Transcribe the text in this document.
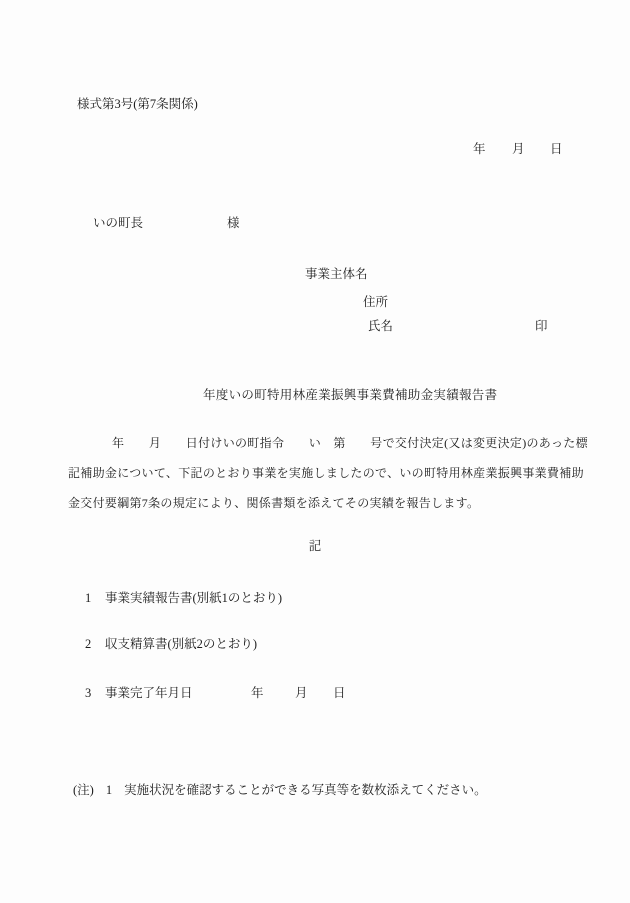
様式第3号(第7条関係)
年 月 日
いの町長	様
事業主体名
住所
氏名	印
年度いの町特用林産業振興事業費補助金実績報告書
年　　月　　日付けいの町指令　　い　第　　号で交付決定(又は変更決定)のあった標
記補助金について、下記のとおり事業を実施しましたので、いの町特用林産業振興事業費補助
金交付要綱第7条の規定により、関係書類を添えてその実績を報告します。
記
1 事業実績報告書(別紙1のとおり)
2 収支精算書(別紙2のとおり)
3 事業完了年月日	年	月 日
(注) 1 実施状況を確認することができる写真等を数枚添えてください。
